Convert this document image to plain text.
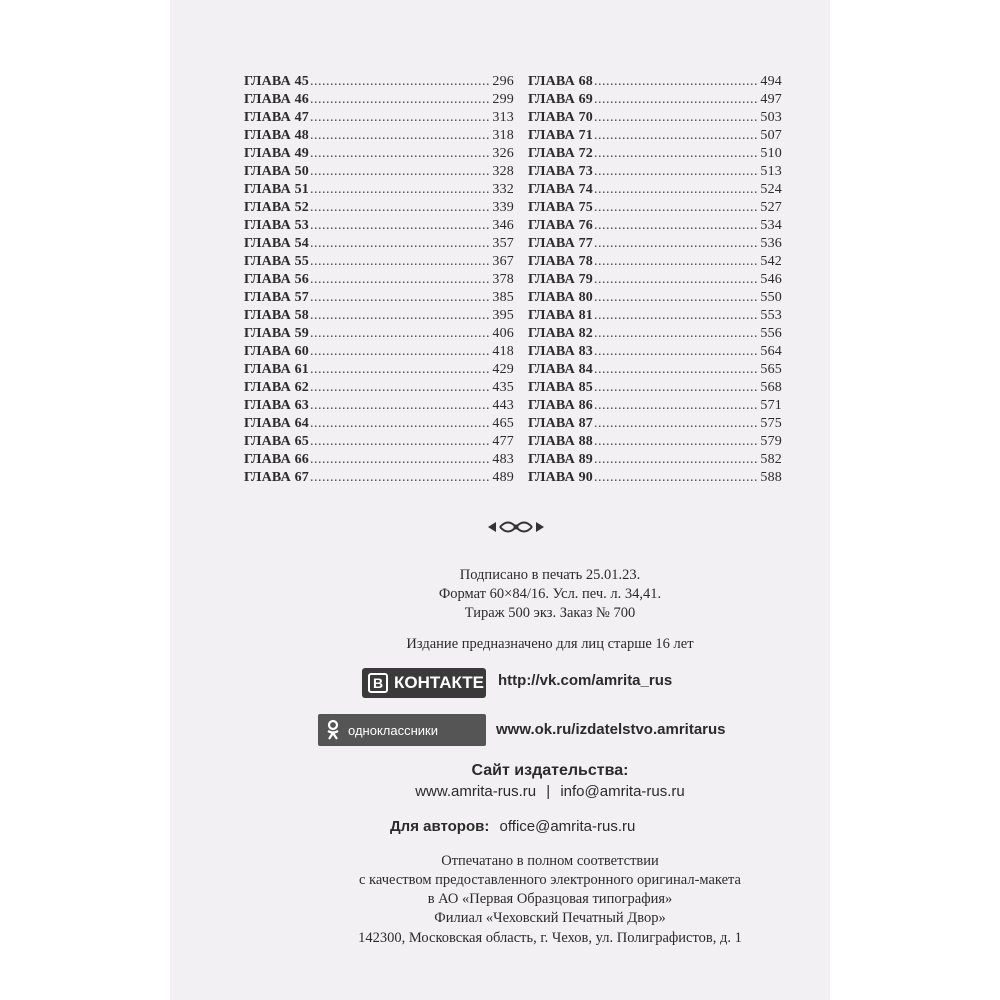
ГЛАВА 45 .....	296
ГЛАВА 46 .....	299
ГЛАВА 47 .....	313
ГЛАВА 48 .....	318
ГЛАВА 49 .....	326
ГЛАВА 50 .....	328
ГЛАВА 51 .....	332
ГЛАВА 52 .....	339
ГЛАВА 53 .....	346
ГЛАВА 54 .....	357
ГЛАВА 55 .....	367
ГЛАВА 56 .....	378
ГЛАВА 57 .....	385
ГЛАВА 58 .....	395
ГЛАВА 59 .....	406
ГЛАВА 60 .....	418
ГЛАВА 61 .....	429
ГЛАВА 62 .....	435
ГЛАВА 63 .....	443
ГЛАВА 64 .....	465
ГЛАВА 65 .....	477
ГЛАВА 66 .....	483
ГЛАВА 67 .....	489
ГЛАВА 68 .....	494
ГЛАВА 69 .....	497
ГЛАВА 70 .....	503
ГЛАВА 71 .....	507
ГЛАВА 72 .....	510
ГЛАВА 73 .....	513
ГЛАВА 74 .....	524
ГЛАВА 75 .....	527
ГЛАВА 76 .....	534
ГЛАВА 77 .....	536
ГЛАВА 78 .....	542
ГЛАВА 79 .....	546
ГЛАВА 80 .....	550
ГЛАВА 81 .....	553
ГЛАВА 82 .....	556
ГЛАВА 83 .....	564
ГЛАВА 84 .....	565
ГЛАВА 85 .....	568
ГЛАВА 86 .....	571
ГЛАВА 87 .....	575
ГЛАВА 88 .....	579
ГЛАВА 89 .....	582
ГЛАВА 90 .....	588
Подписано в печать 25.01.23.
Формат 60×84/16. Усл. печ. л. 34,41.
Тираж 500 экз. Заказ № 700
Издание предназначено для лиц старше 16 лет
В КОНТАКТЕ http://vk.com/amrita_rus
одноклассники	www.ok.ru/izdatelstvo.amritarus
Сайт издательства:
www.amrita-rus.ru | info@amrita-rus.ru
Для авторов: office@amrita-rus.ru
Отпечатано в полном соответствии
с качеством предоставленного электронного оригинал-макета
в АО «Первая Образцовая типография»
Филиал «Чеховский Печатный Двор»
142300, Московская область, г. Чехов, ул. Полиграфистов, д. 1
